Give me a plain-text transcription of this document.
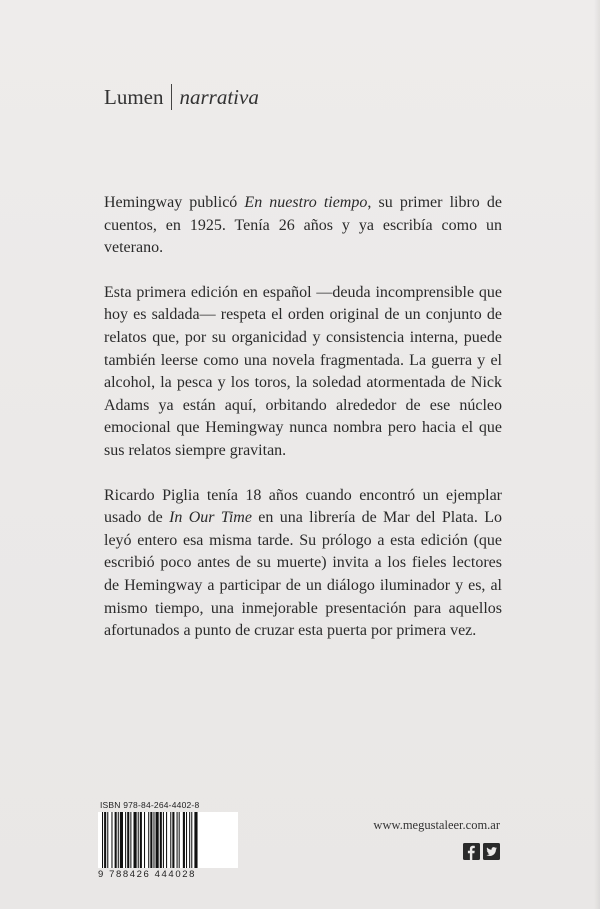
Lumen narrativa

Hemingway publicó En nuestro tiempo, su primer libro de cuentos, en 1925. Tenía 26 años y ya escribía como un veterano.

Esta primera edición en español —deuda incomprensible que hoy es saldada— respeta el orden original de un conjunto de relatos que, por su organicidad y consistencia interna, puede también leerse como una novela fragmentada. La guerra y el alcohol, la pesca y los toros, la soledad atormentada de Nick Adams ya están aquí, orbitando alrededor de ese núcleo emocional que Hemingway nunca nombra pero hacia el que sus relatos siempre gravitan.

Ricardo Piglia tenía 18 años cuando encontró un ejemplar usado de In Our Time en una librería de Mar del Plata. Lo leyó entero esa misma tarde. Su prólogo a esta edición (que escribió poco antes de su muerte) invita a los fieles lectores de Hemingway a participar de un diálogo iluminador y es, al mismo tiempo, una inmejorable presentación para aquellos afortunados a punto de cruzar esta puerta por primera vez.

ISBN 978-84-264-4402-8
9 788426 444028
www.megustaleer.com.ar
